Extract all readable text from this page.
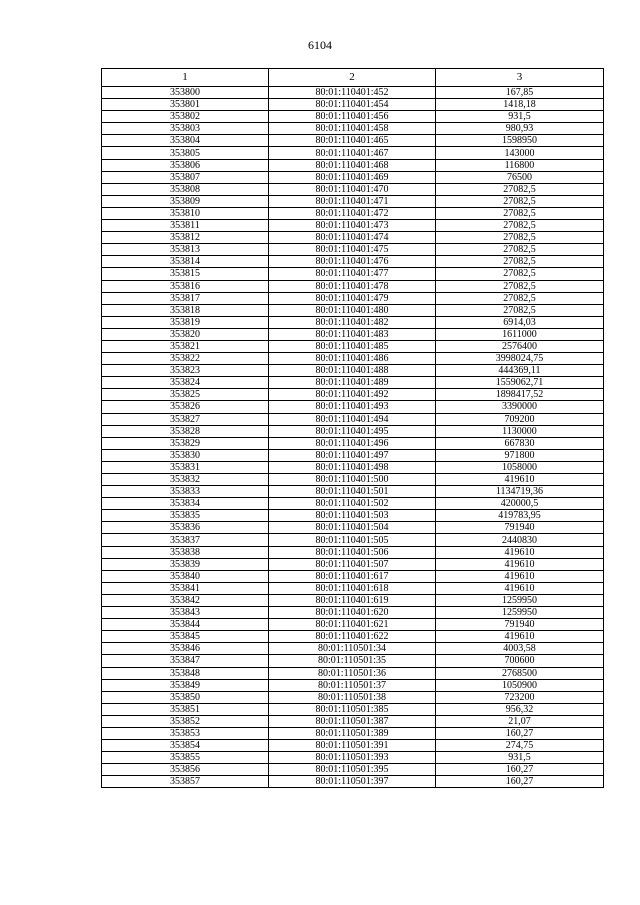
6104
1	2	3
353800	80:01:110401:452	167,85
353801	80:01:110401:454	1418,18
353802	80:01:110401:456	931,5
353803	80:01:110401:458	980,93
353804	80:01:110401:465	1598950
353805	80:01:110401:467	143000
353806	80:01:110401:468	116800
353807	80:01:110401:469	76500
353808	80:01:110401:470	27082,5
353809	80:01:110401:471	27082,5
353810	80:01:110401:472	27082,5
353811	80:01:110401:473	27082,5
353812	80:01:110401:474	27082,5
353813	80:01:110401:475	27082,5
353814	80:01:110401:476	27082,5
353815	80:01:110401:477	27082,5
353816	80:01:110401:478	27082,5
353817	80:01:110401:479	27082,5
353818	80:01:110401:480	27082,5
353819	80:01:110401:482	6914,03
353820	80:01:110401:483	1611000
353821	80:01:110401:485	2576400
353822	80:01:110401:486	3998024,75
353823	80:01:110401:488	444369,11
353824	80:01:110401:489	1559062,71
353825	80:01:110401:492	1898417,52
353826	80:01:110401:493	3390000
353827	80:01:110401:494	709200
353828	80:01:110401:495	1130000
353829	80:01:110401:496	667830
353830	80:01:110401:497	971800
353831	80:01:110401:498	1058000
353832	80:01:110401:500	419610
353833	80:01:110401:501	1134719,36
353834	80:01:110401:502	420000,5
353835	80:01:110401:503	419783,95
353836	80:01:110401:504	791940
353837	80:01:110401:505	2440830
353838	80:01:110401:506	419610
353839	80:01:110401:507	419610
353840	80:01:110401:617	419610
353841	80:01:110401:618	419610
353842	80:01:110401:619	1259950
353843	80:01:110401:620	1259950
353844	80:01:110401:621	791940
353845	80:01:110401:622	419610
353846	80:01:110501:34	4003,58
353847	80:01:110501:35	700600
353848	80:01:110501:36	2768500
353849	80:01:110501:37	1050900
353850	80:01:110501:38	723200
353851	80:01:110501:385	956,32
353852	80:01:110501:387	21,07
353853	80:01:110501:389	160,27
353854	80:01:110501:391	274,75
353855	80:01:110501:393	931,5
353856	80:01:110501:395	160,27
353857	80:01:110501:397	160,27
